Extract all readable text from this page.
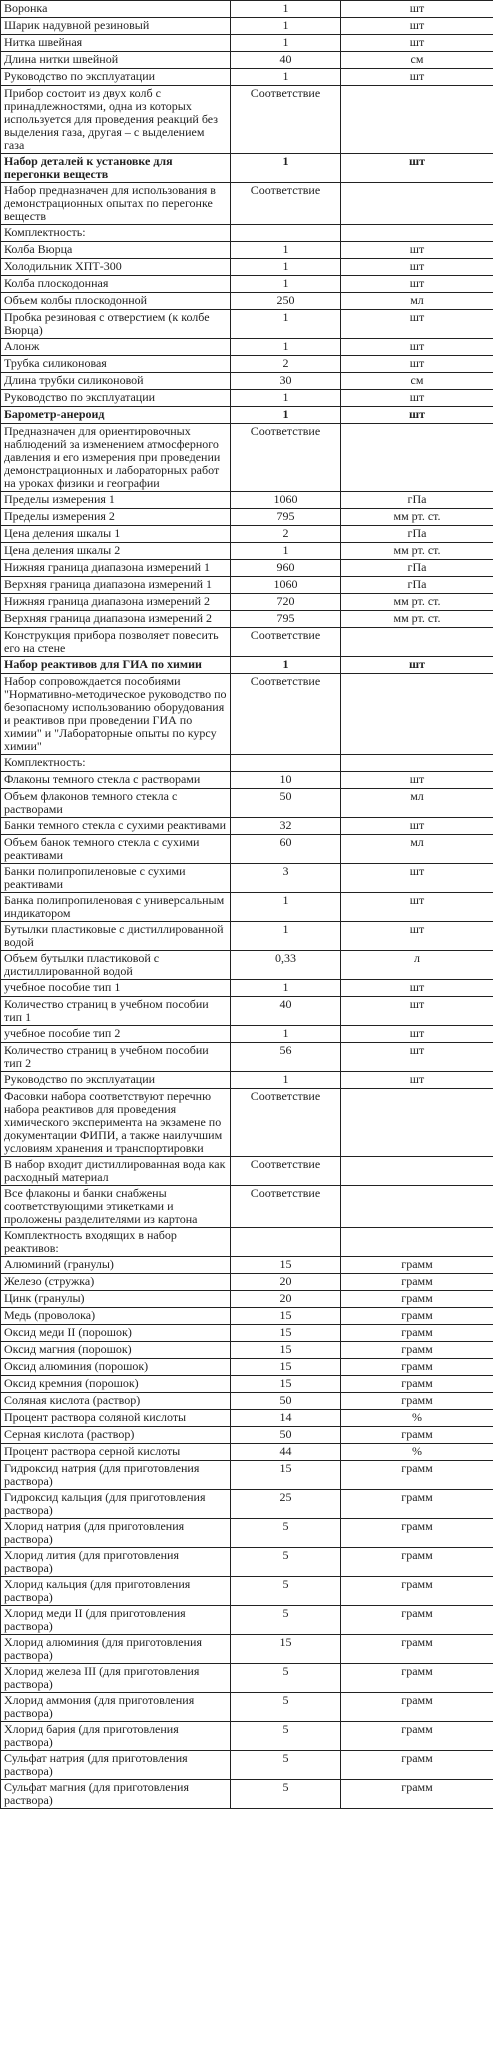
Воронка	1	шт
Шарик надувной резиновый	1	шт
Нитка швейная	1	шт
Длина нитки швейной	40	см
Руководство по эксплуатации	1	шт
Прибор состоит из двух колб с принадлежностями, одна из которых используется для проведения реакций без выделения газа, другая – с выделением газа	Соответствие	
Набор деталей к установке для перегонки веществ	1	шт
Набор предназначен для использования в демонстрационных опытах по перегонке веществ	Соответствие	
Комплектность:		
Колба Вюрца	1	шт
Холодильник ХПТ-300	1	шт
Колба плоскодонная	1	шт
Объем колбы плоскодонной	250	мл
Пробка резиновая с отверстием (к колбе Вюрца)	1	шт
Алонж	1	шт
Трубка силиконовая	2	шт
Длина трубки силиконовой	30	см
Руководство по эксплуатации	1	шт
Барометр-анероид	1	шт
Предназначен для ориентировочных наблюдений за изменением атмосферного давления и его измерения при проведении демонстрационных и лабораторных работ на уроках физики и географии	Соответствие	
Пределы измерения 1	1060	гПа
Пределы измерения 2	795	мм рт. ст.
Цена деления шкалы 1	2	гПа
Цена деления шкалы 2	1	мм рт. ст.
Нижняя граница диапазона измерений 1	960	гПа
Верхняя граница диапазона измерений 1	1060	гПа
Нижняя граница диапазона измерений 2	720	мм рт. ст.
Верхняя граница диапазона измерений 2	795	мм рт. ст.
Конструкция прибора позволяет повесить его на стене	Соответствие	
Набор реактивов для ГИА по химии	1	шт
Набор сопровождается пособиями "Нормативно-методическое руководство по безопасному использованию оборудования и реактивов при проведении ГИА по химии" и "Лабораторные опыты по курсу химии"	Соответствие	
Комплектность:		
Флаконы темного стекла с растворами	10	шт
Объем флаконов темного стекла с растворами	50	мл
Банки темного стекла с сухими реактивами	32	шт
Объем банок темного стекла с сухими реактивами	60	мл
Банки полипропиленовые с сухими реактивами	3	шт
Банка полипропиленовая с универсальным индикатором	1	шт
Бутылки пластиковые с дистиллированной водой	1	шт
Объем бутылки пластиковой с дистиллированной водой	0,33	л
учебное пособие тип 1	1	шт
Количество страниц в учебном пособии тип 1	40	шт
учебное пособие тип 2	1	шт
Количество страниц в учебном пособии тип 2	56	шт
Руководство по эксплуатации	1	шт
Фасовки набора соответствуют перечню набора реактивов для проведения химического эксперимента на экзамене по документации ФИПИ, а также наилучшим условиям хранения и транспортировки	Соответствие	
В набор входит дистиллированная вода как расходный материал	Соответствие	
Все флаконы и банки снабжены соответствующими этикетками и проложены разделителями из картона	Соответствие	
Комплектность входящих в набор реактивов:		
Алюминий (гранулы)	15	грамм
Железо (стружка)	20	грамм
Цинк (гранулы)	20	грамм
Медь (проволока)	15	грамм
Оксид меди II (порошок)	15	грамм
Оксид магния (порошок)	15	грамм
Оксид алюминия (порошок)	15	грамм
Оксид кремния (порошок)	15	грамм
Соляная кислота (раствор)	50	грамм
Процент раствора соляной кислоты	14	%
Серная кислота (раствор)	50	грамм
Процент раствора серной кислоты	44	%
Гидроксид натрия (для приготовления раствора)	15	грамм
Гидроксид кальция (для приготовления раствора)	25	грамм
Хлорид натрия (для приготовления раствора)	5	грамм
Хлорид лития (для приготовления раствора)	5	грамм
Хлорид кальция (для приготовления раствора)	5	грамм
Хлорид меди II (для приготовления раствора)	5	грамм
Хлорид алюминия (для приготовления раствора)	15	грамм
Хлорид железа III (для приготовления раствора)	5	грамм
Хлорид аммония (для приготовления раствора)	5	грамм
Хлорид бария (для приготовления раствора)	5	грамм
Сульфат натрия (для приготовления раствора)	5	грамм
Сульфат магния (для приготовления раствора)	5	грамм
